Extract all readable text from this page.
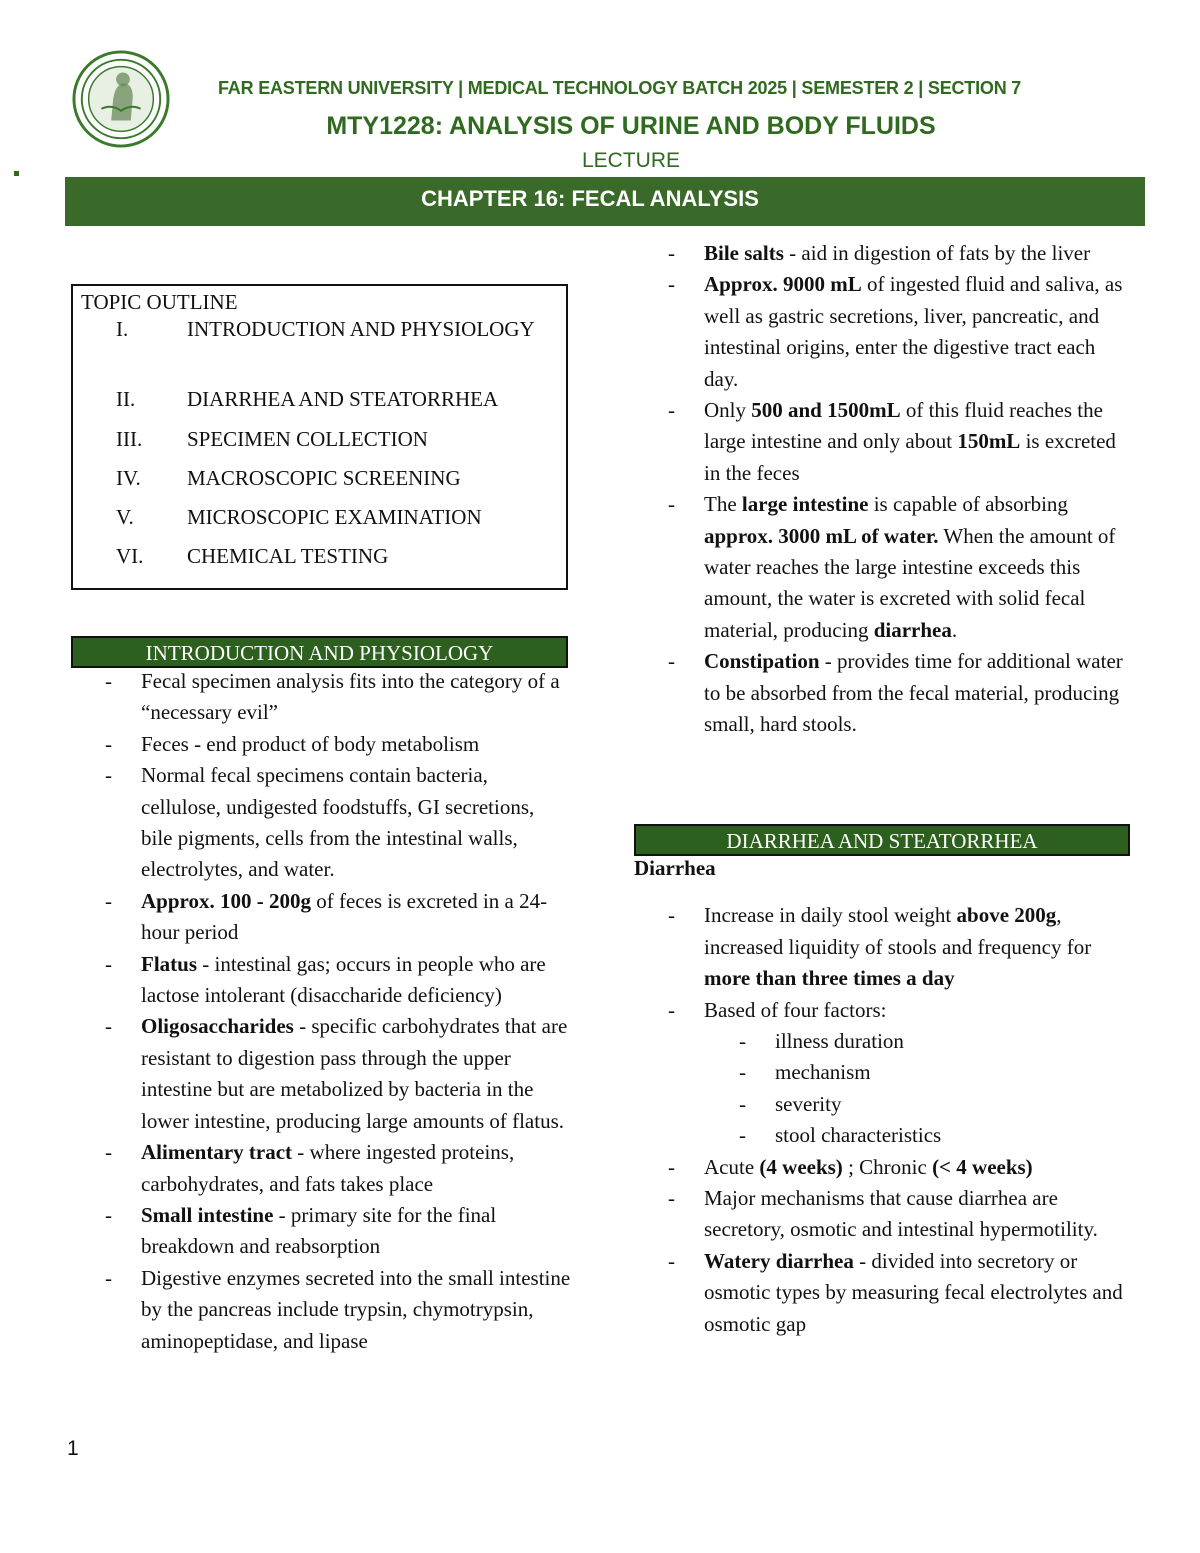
FAR EASTERN UNIVERSITY | MEDICAL TECHNOLOGY BATCH 2025 | SEMESTER 2 | SECTION 7
MTY1228: ANALYSIS OF URINE AND BODY FLUIDS
LECTURE
CHAPTER 16: FECAL ANALYSIS
TOPIC OUTLINE
I.	INTRODUCTION AND PHYSIOLOGY
II. DIARRHEA AND STEATORRHEA
III. SPECIMEN COLLECTION
IV. MACROSCOPIC SCREENING
V.	MICROSCOPIC EXAMINATION
VI. CHEMICAL TESTING
INTRODUCTION AND PHYSIOLOGY
- Fecal specimen analysis fits into the category of a “necessary evil”
- Feces - end product of body metabolism
- Normal fecal specimens contain bacteria, cellulose, undigested foodstuffs, GI secretions, bile pigments, cells from the intestinal walls, electrolytes, and water.
- Approx. 100 - 200g of feces is excreted in a 24-hour period
- Flatus - intestinal gas; occurs in people who are lactose intolerant (disaccharide deficiency)
- Oligosaccharides - specific carbohydrates that are resistant to digestion pass through the upper intestine but are metabolized by bacteria in the lower intestine, producing large amounts of flatus.
- Alimentary tract - where ingested proteins, carbohydrates, and fats takes place
- Small intestine - primary site for the final breakdown and reabsorption
- Digestive enzymes secreted into the small intestine by the pancreas include trypsin, chymotrypsin, aminopeptidase, and lipase
- Bile salts - aid in digestion of fats by the liver
- Approx. 9000 mL of ingested fluid and saliva, as well as gastric secretions, liver, pancreatic, and intestinal origins, enter the digestive tract each day.
- Only 500 and 1500mL of this fluid reaches the large intestine and only about 150mL is excreted in the feces
- The large intestine is capable of absorbing approx. 3000 mL of water. When the amount of water reaches the large intestine exceeds this amount, the water is excreted with solid fecal material, producing diarrhea.
- Constipation - provides time for additional water to be absorbed from the fecal material, producing small, hard stools.
DIARRHEA AND STEATORRHEA
Diarrhea
- Increase in daily stool weight above 200g, increased liquidity of stools and frequency for more than three times a day
- Based of four factors:
- illness duration
- mechanism
- severity
- stool characteristics
- Acute (4 weeks) ; Chronic (< 4 weeks)
- Major mechanisms that cause diarrhea are secretory, osmotic and intestinal hypermotility.
- Watery diarrhea - divided into secretory or osmotic types by measuring fecal electrolytes and osmotic gap
1
